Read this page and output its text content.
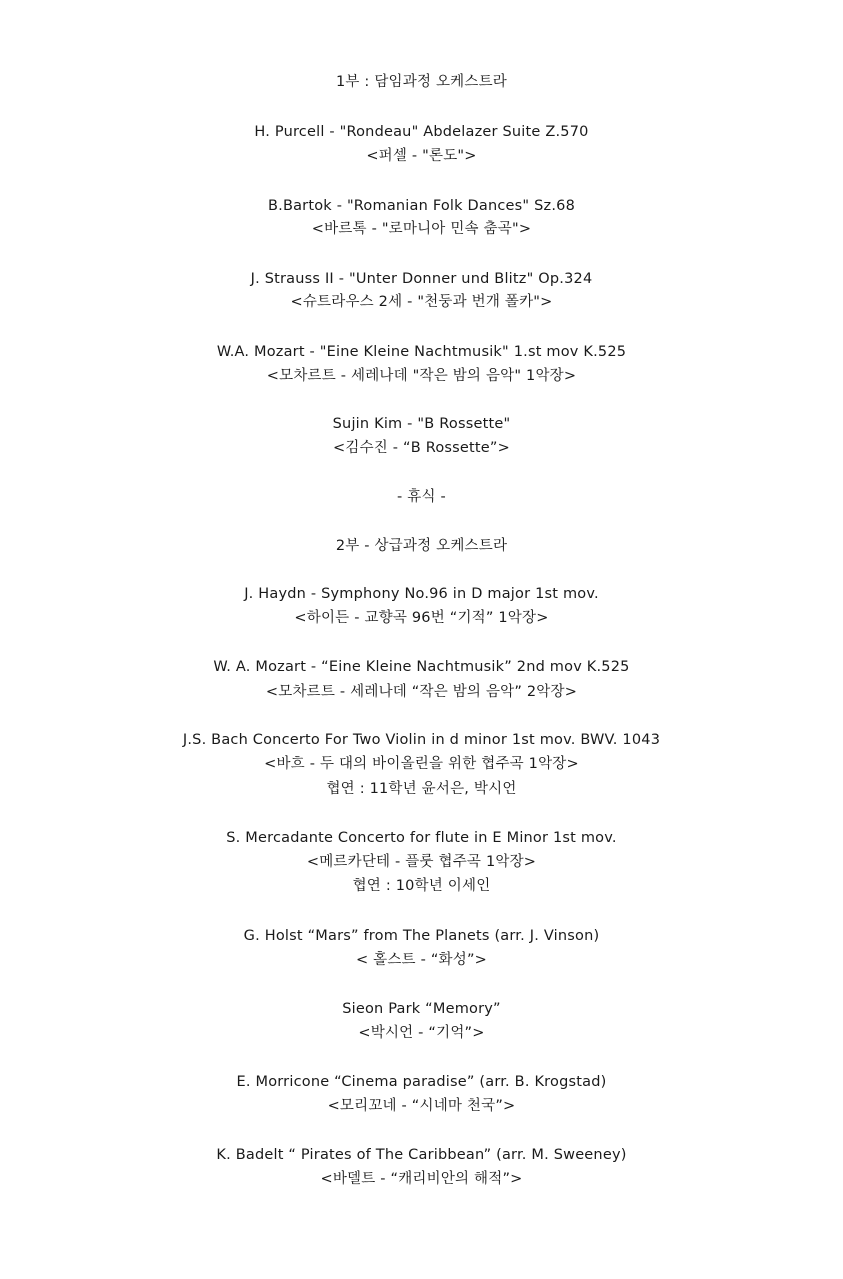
1부 : 담임과정 오케스트라
H. Purcell - "Rondeau" Abdelazer Suite Z.570
<퍼셀 - "론도">
B.Bartok - "Romanian Folk Dances" Sz.68
<바르톡 - "로마니아 민속 춤곡">
J. Strauss II - "Unter Donner und Blitz" Op.324
<슈트라우스 2세 - "천둥과 번개 폴카">
W.A. Mozart - "Eine Kleine Nachtmusik" 1.st mov K.525
<모차르트 - 세레나데 "작은 밤의 음악" 1악장>
Sujin Kim - "B Rossette"
<김수진 - “B Rossette”>
- 휴식 -
2부 - 상급과정 오케스트라
J. Haydn - Symphony No.96 in D major 1st mov.
<하이든 - 교향곡 96번 “기적” 1악장>
W. A. Mozart - “Eine Kleine Nachtmusik” 2nd mov K.525
<모차르트 - 세레나데 “작은 밤의 음악” 2악장>
J.S. Bach Concerto For Two Violin in d minor 1st mov. BWV. 1043
<바흐 - 두 대의 바이올린을 위한 협주곡 1악장>
협연 : 11학년 윤서은, 박시언
S. Mercadante Concerto for flute in E Minor 1st mov.
<메르카단테 - 플룻 협주곡 1악장>
협연 : 10학년 이세인
G. Holst “Mars” from The Planets (arr. J. Vinson)
< 홀스트 - “화성”>
Sieon Park “Memory”
<박시언 - “기억”>
E. Morricone “Cinema paradise” (arr. B. Krogstad)
<모리꼬네 - “시네마 천국”>
K. Badelt “ Pirates of The Caribbean” (arr. M. Sweeney)
<바델트 - “캐리비안의 해적”>
